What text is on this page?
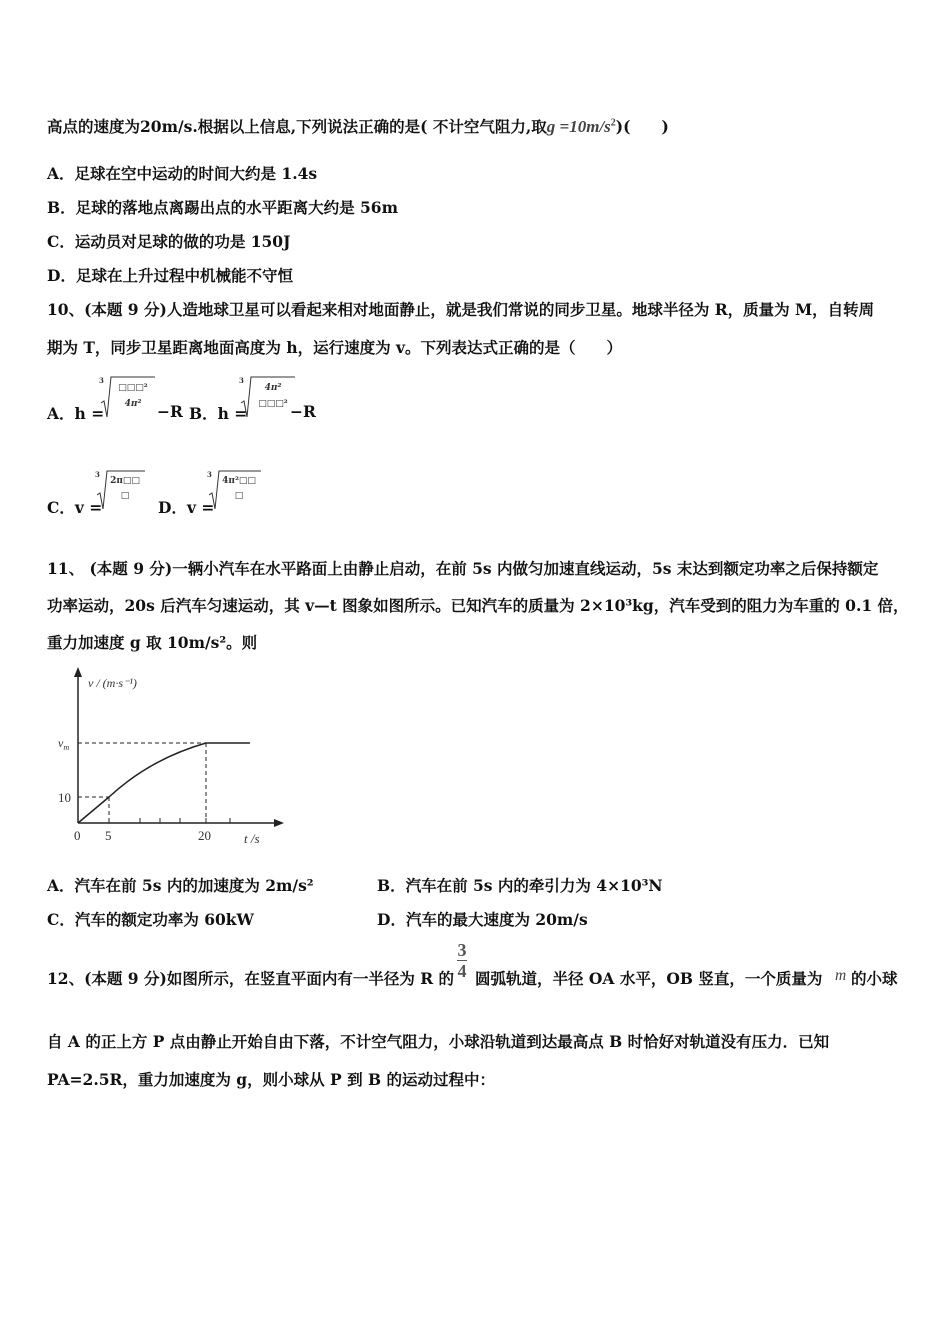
高点的速度为20m/s.根据以上信息,下列说法正确的是( 不计空气阻力,取$g =10m/s^2$)(　　)
A．足球在空中运动的时间大约是 1.4s
B．足球的落地点离踢出点的水平距离大约是 56m
C．运动员对足球的做的功是 150J
D．足球在上升过程中机械能不守恒
10、(本题 9 分)人造地球卫星可以看起来相对地面静止，就是我们常说的同步卫星。地球半径为 R，质量为 M，自转周
期为 T，同步卫星距离地面高度为 h，运行速度为 v。下列表达式正确的是（　　）
A．h =
3
□□□²
4π² −R B．h =
3
4π²
□□□² −R
C．v =
3
2π□□
□
D．v =
3
4π²□□
□
11、 (本题 9 分)一辆小汽车在水平路面上由静止启动，在前 5s 内做匀加速直线运动，5s 末达到额定功率之后保持额定
功率运动，20s 后汽车匀速运动，其 v—t 图象如图所示。已知汽车的质量为 2×10³kg，汽车受到的阻力为车重的 0.1 倍，
重力加速度 g 取 10m/s²。则
v / (m·s⁻¹)
t /s
$v_m$
10
0 5	20
A．汽车在前 5s 内的加速度为 2m/s²	B．汽车在前 5s 内的牵引力为 4×10³N
C．汽车的额定功率为 60kW	D．汽车的最大速度为 20m/s
12、(本题 9 分)如图所示，在竖直平面内有一半径为 R 的
3
4 圆弧轨道，半径 OA 水平，OB 竖直，一个质量为 m 的小球
自 A 的正上方 P 点由静止开始自由下落，不计空气阻力，小球沿轨道到达最高点 B 时恰好对轨道没有压力．已知
PA=2.5R，重力加速度为 g，则小球从 P 到 B 的运动过程中：
